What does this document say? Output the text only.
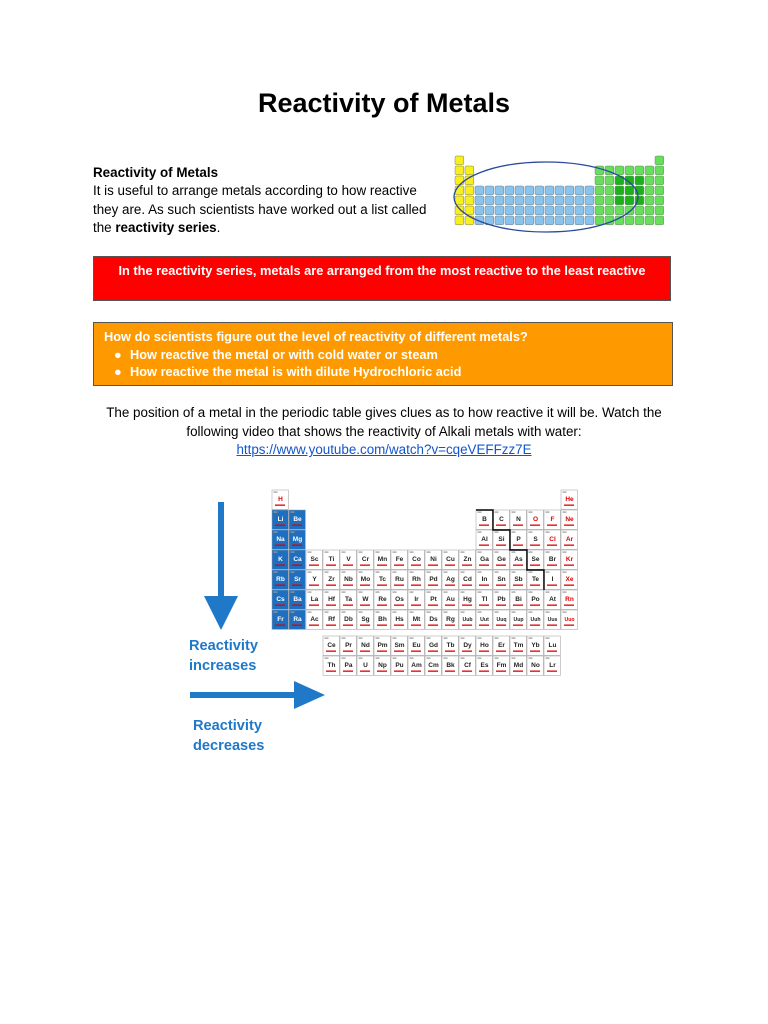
Reactivity of Metals
Reactivity of Metals
It is useful to arrange metals according to how reactive they are. As such scientists have worked out a list called the reactivity series.
In the reactivity series, metals are arranged from the most reactive to the least reactive
How do scientists figure out the level of reactivity of different metals?
● How reactive the metal or with cold water or steam
● How reactive the metal is with dilute Hydrochloric acid
The position of a metal in the periodic table gives clues as to how reactive it will be. Watch the following video that shows the reactivity of Alkali metals with water:
https://www.youtube.com/watch?v=cqeVEFFzz7E
Reactivity
increases
Reactivity
decreases
H	He
Li Be	B C N O F Ne
Na Mg	Al Si P S Cl Ar
K Ca Sc Ti V Cr Mn Fe Co Ni Cu Zn Ga Ge As Se Br Kr
Rb Sr Y Zr Nb Mo Tc Ru Rh Pd Ag Cd In Sn Sb Te I Xe
Cs Ba La Hf Ta W Re Os Ir Pt Au Hg Tl Pb Bi Po At Rn
Fr Ra Ac Rf Db Sg Bh Hs Mt Ds Rg Uub Uut Uuq Uup Uuh Uus Uuo
Ce Pr Nd Pm Sm Eu Gd Tb Dy Ho Er Tm Yb Lu
Th Pa U Np Pu Am Cm Bk Cf Es Fm Md No Lr
